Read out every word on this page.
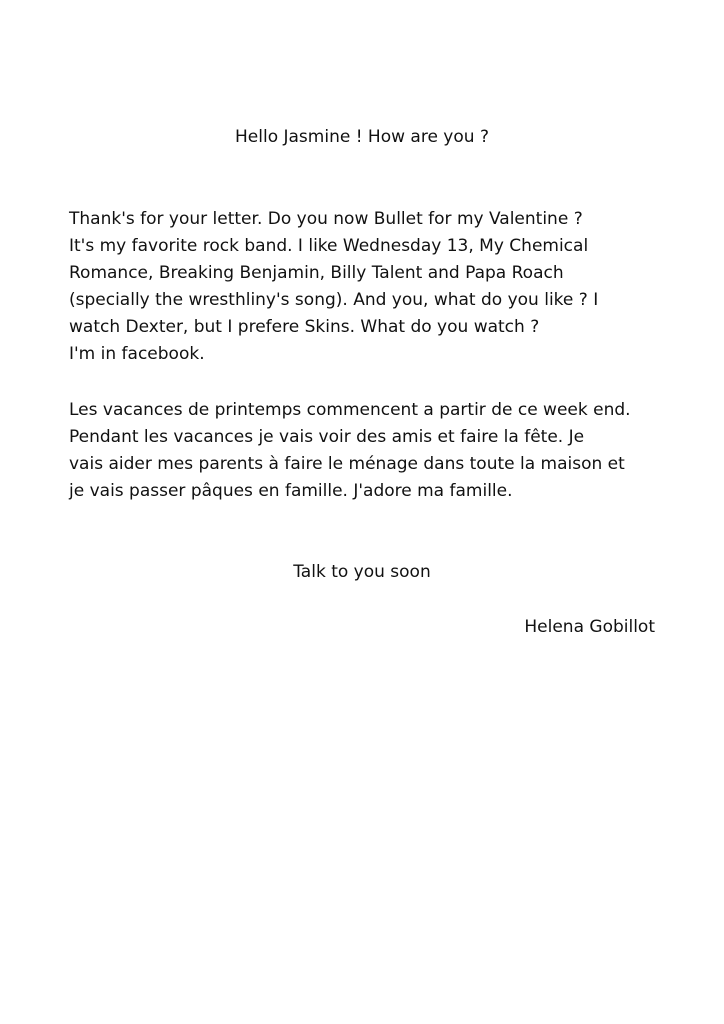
Hello Jasmine ! How are you ?
Thank's for your letter. Do you now Bullet for my Valentine ?
It's my favorite rock band. I like Wednesday 13, My Chemical
Romance, Breaking Benjamin, Billy Talent and Papa Roach
(specially the wresthliny's song). And you, what do you like ? I
watch Dexter, but I prefere Skins. What do you watch ?
I'm in facebook.
Les vacances de printemps commencent a partir de ce week end.
Pendant les vacances je vais voir des amis et faire la fête. Je
vais aider mes parents à faire le ménage dans toute la maison et
je vais passer pâques en famille. J'adore ma famille.
Talk to you soon
Helena Gobillot
